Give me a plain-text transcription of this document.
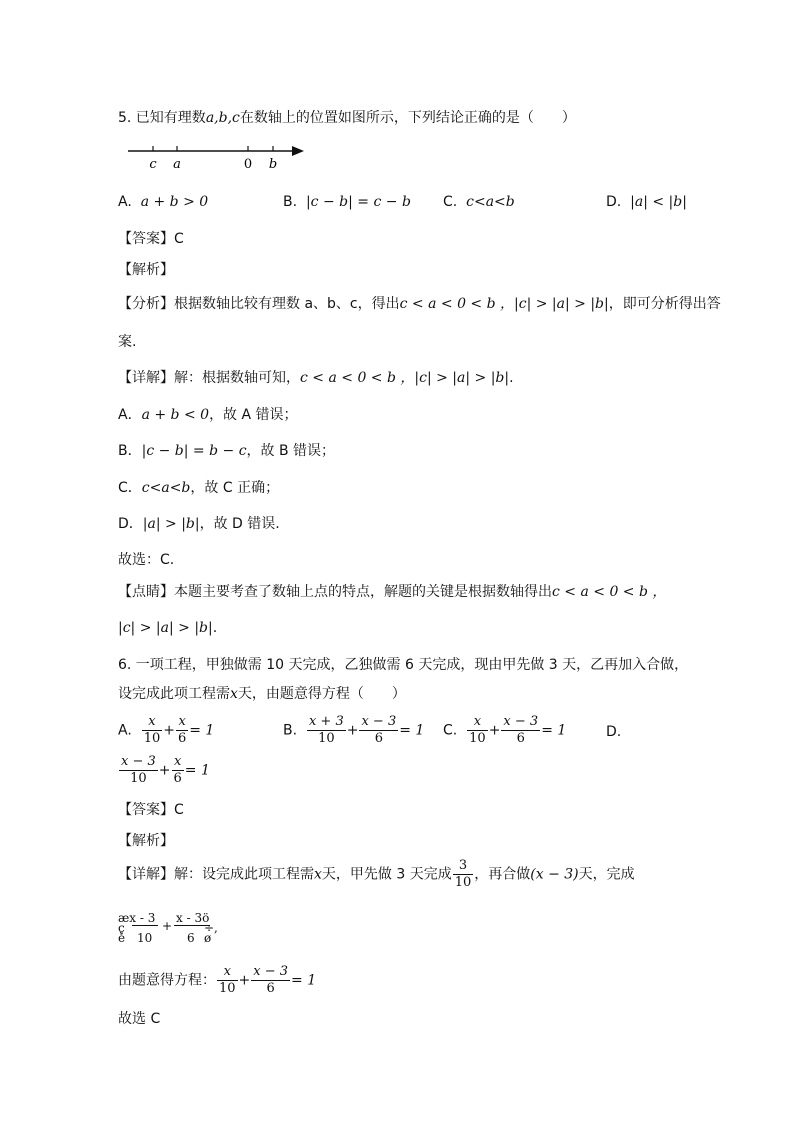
5. 已知有理数a,b,c在数轴上的位置如图所示，下列结论正确的是（　　）
c a	0 b
A. a + b > 0	B. |c − b| = c − b C. c<a<b	D. |a| < |b|
【答案】C
【解析】
【分析】根据数轴比较有理数 a、b、c，得出c < a < 0 < b ，|c| > |a| > |b|，即可分析得出答
案.
【详解】解：根据数轴可知，c < a < 0 < b ，|c| > |a| > |b|.
A．a + b < 0，故 A 错误；
B．|c − b| = b − c，故 B 错误；
C．c<a<b，故 C 正确；
D．|a| > |b|，故 D 错误.
故选：C.
【点睛】本题主要考查了数轴上点的特点，解题的关键是根据数轴得出c < a < 0 < b ，
|c| > |a| > |b|.
6. 一项工程，甲独做需 10 天完成，乙独做需 6 天完成，现由甲先做 3 天，乙再加入合做，
设完成此项工程需x天，由题意得方程（　　）
A. $\frac{x}{10} + \frac{x}{6} = 1$	B. $\frac{x + 3}{10} + \frac{x - 3}{6} = 1$ C. $\frac{x}{10} + \frac{x - 3}{6} = 1$	D.
$\frac{x - 3}{10} + \frac{x}{6} = 1$
【答案】C
【解析】
【详解】解：设完成此项工程需x天，甲先做 3 天完成 $\frac{3}{10}$ ，再合做(x − 3)天，完成
æx - 3
ç
è 10
+
x - 3ö
6
÷,
ø
由题意得方程： $\frac{x}{10} + \frac{x - 3}{6} = 1$
故选 C
